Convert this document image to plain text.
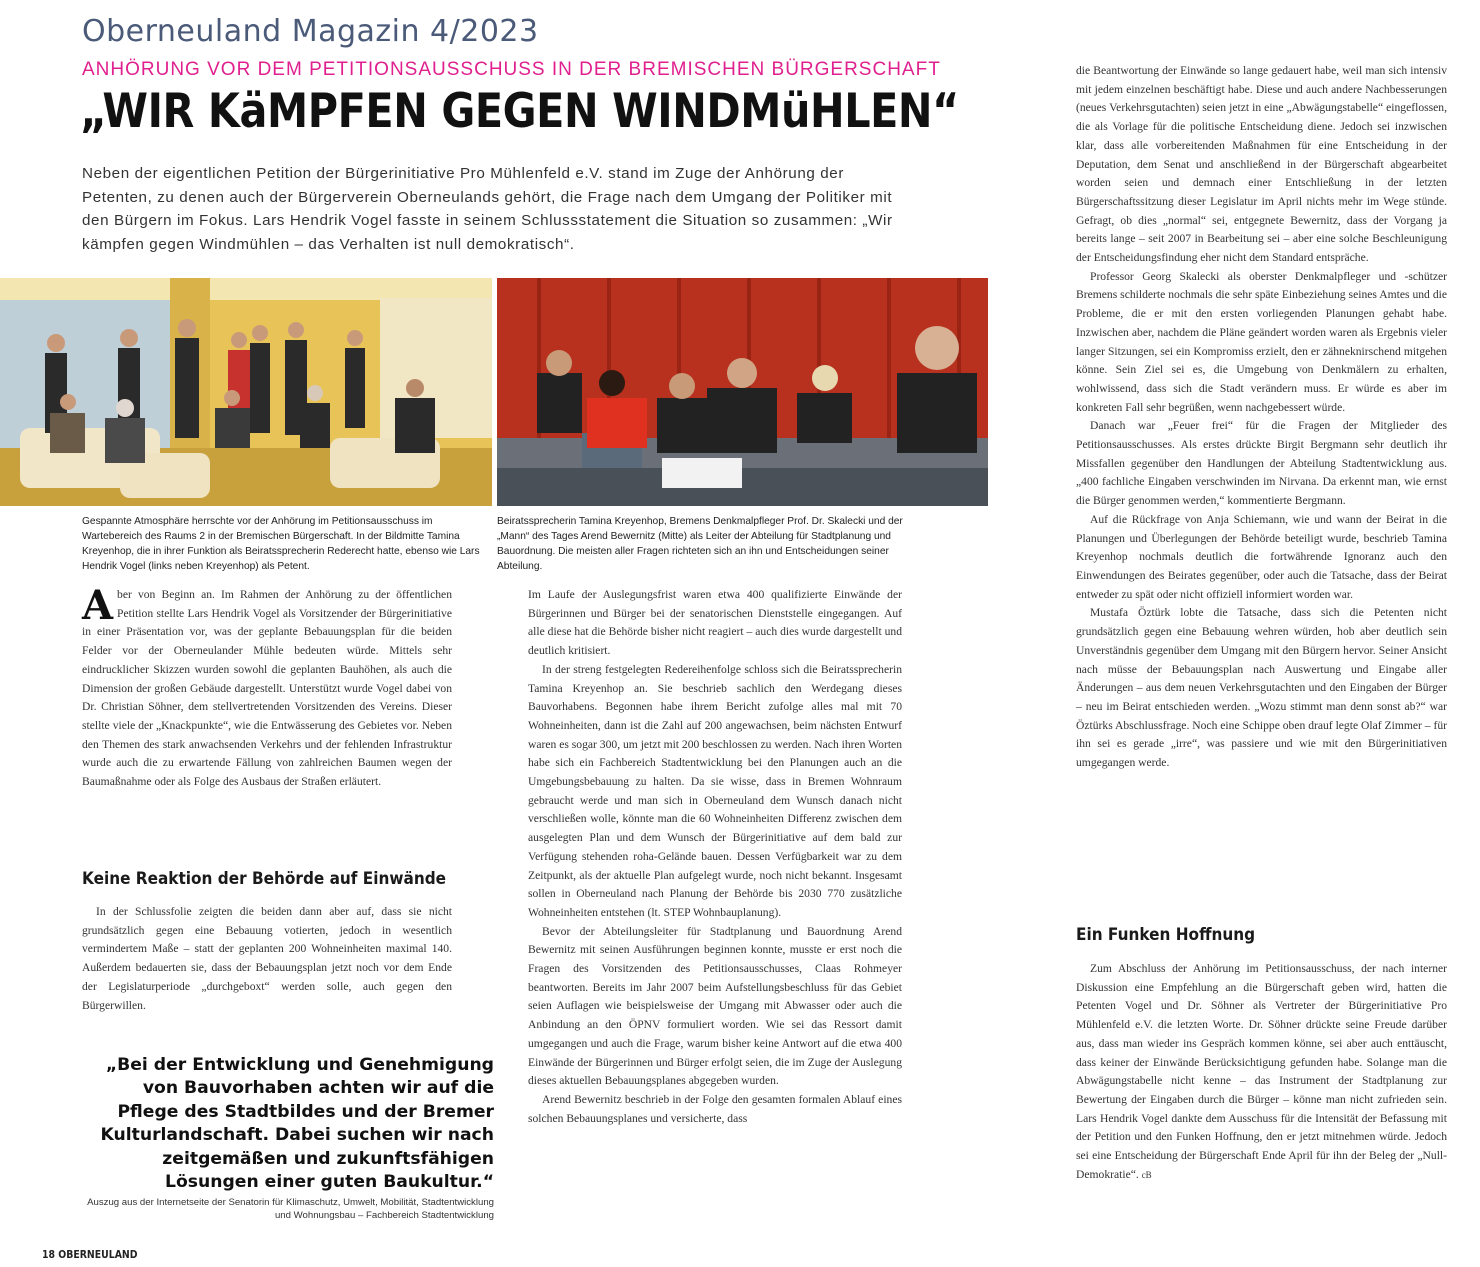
Oberneuland Magazin 4/2023
ANHÖRUNG VOR DEM PETITIONSAUSSCHUSS IN DER BREMISCHEN BÜRGERSCHAFT
„WIR KäMPFEN GEGEN WINDMüHLEN“

Neben der eigentlichen Petition der Bürgerinitiative Pro Mühlenfeld e.V. stand im Zuge der Anhörung der Petenten, zu denen auch der Bürgerverein Oberneulands gehört, die Frage nach dem Umgang der Politiker mit den Bürgern im Fokus. Lars Hendrik Vogel fasste in seinem Schlussstatement die Situation so zusammen: „Wir kämpfen gegen Windmühlen – das Verhalten ist null demokratisch“.

Gespannte Atmosphäre herrschte vor der Anhörung im Petitionsausschuss im Wartebereich des Raums 2 in der Bremischen Bürgerschaft. In der Bildmitte Tamina Kreyenhop, die in ihrer Funktion als Beiratssprecherin Rederecht hatte, ebenso wie Lars Hendrik Vogel (links neben Kreyenhop) als Petent.
Beiratssprecherin Tamina Kreyenhop, Bremens Denkmalpfleger Prof. Dr. Skalecki und der „Mann“ des Tages Arend Bewernitz (Mitte) als Leiter der Abteilung für Stadtplanung und Bauordnung. Die meisten aller Fragen richteten sich an ihn und Entscheidungen seiner Abteilung.

Aber von Beginn an. Im Rahmen der Anhörung zu der öffentlichen Petition stellte Lars Hendrik Vogel als Vorsitzender der Bürgerinitiative in einer Präsentation vor, was der geplante Bebauungsplan für die beiden Felder vor der Oberneulander Mühle bedeuten würde. Mittels sehr eindrucklicher Skizzen wurden sowohl die geplanten Bauhöhen, als auch die Dimension der großen Gebäude dargestellt. Unterstützt wurde Vogel dabei von Dr. Christian Söhner, dem stellvertretenden Vorsitzenden des Vereins. Dieser stellte viele der „Knackpunkte“, wie die Entwässerung des Gebietes vor. Neben den Themen des stark anwachsenden Verkehrs und der fehlenden Infrastruktur wurde auch die zu erwartende Fällung von zahlreichen Baumen wegen der Baumaßnahme oder als Folge des Ausbaus der Straßen erläutert.

Keine Reaktion der Behörde auf Einwände

In der Schlussfolie zeigten die beiden dann aber auf, dass sie nicht grundsätzlich gegen eine Bebauung votierten, jedoch in wesentlich vermindertem Maße – statt der geplanten 200 Wohneinheiten maximal 140. Außerdem bedauerten sie, dass der Bebauungsplan jetzt noch vor dem Ende der Legislaturperiode „durchgeboxt“ werden solle, auch gegen den Bürgerwillen.

„Bei der Entwicklung und Genehmigung von Bauvorhaben achten wir auf die Pflege des Stadtbildes und der Bremer Kulturlandschaft. Dabei suchen wir nach zeitgemäßen und zukunftsfähigen Lösungen einer guten Baukultur.“
Auszug aus der Internetseite der Senatorin für Klimaschutz, Umwelt, Mobilität, Stadtentwicklung und Wohnungsbau – Fachbereich Stadtentwicklung

Im Laufe der Auslegungsfrist waren etwa 400 qualifizierte Einwände der Bürgerinnen und Bürger bei der senatorischen Dienststelle eingegangen. Auf alle diese hat die Behörde bisher nicht reagiert – auch dies wurde dargestellt und deutlich kritisiert.

In der streng festgelegten Redereihenfolge schloss sich die Beiratssprecherin Tamina Kreyenhop an. Sie beschrieb sachlich den Werdegang dieses Bauvorhabens. Begonnen habe ihrem Bericht zufolge alles mal mit 70 Wohneinheiten, dann ist die Zahl auf 200 angewachsen, beim nächsten Entwurf waren es sogar 300, um jetzt mit 200 beschlossen zu werden. Nach ihren Worten habe sich ein Fachbereich Stadtentwicklung bei den Planungen auch an die Umgebungsbebauung zu halten. Da sie wisse, dass in Bremen Wohnraum gebraucht werde und man sich in Oberneuland dem Wunsch danach nicht verschließen wolle, könnte man die 60 Wohneinheiten Differenz zwischen dem ausgelegten Plan und dem Wunsch der Bürgerinitiative auf dem bald zur Verfügung stehenden roha-Gelände bauen. Dessen Verfügbarkeit war zu dem Zeitpunkt, als der aktuelle Plan aufgelegt wurde, noch nicht bekannt. Insgesamt sollen in Oberneuland nach Planung der Behörde bis 2030 770 zusätzliche Wohneinheiten entstehen (lt. STEP Wohnbauplanung).

Bevor der Abteilungsleiter für Stadtplanung und Bauordnung Arend Bewernitz mit seinen Ausführungen beginnen konnte, musste er erst noch die Fragen des Vorsitzenden des Petitionsausschusses, Claas Rohmeyer beantworten. Bereits im Jahr 2007 beim Aufstellungsbeschluss für das Gebiet seien Auflagen wie beispielsweise der Umgang mit Abwasser oder auch die Anbindung an den ÖPNV formuliert worden. Wie sei das Ressort damit umgegangen und auch die Frage, warum bisher keine Antwort auf die etwa 400 Einwände der Bürgerinnen und Bürger erfolgt seien, die im Zuge der Auslegung dieses aktuellen Bebauungsplanes abgegeben wurden.

Arend Bewernitz beschrieb in der Folge den gesamten formalen Ablauf eines solchen Bebauungsplanes und versicherte, dass

die Beantwortung der Einwände so lange gedauert habe, weil man sich intensiv mit jedem einzelnen beschäftigt habe. Diese und auch andere Nachbesserungen (neues Verkehrsgutachten) seien jetzt in eine „Abwägungstabelle“ eingeflossen, die als Vorlage für die politische Entscheidung diene. Jedoch sei inzwischen klar, dass alle vorbereitenden Maßnahmen für eine Entscheidung in der Deputation, dem Senat und anschließend in der Bürgerschaft abgearbeitet worden seien und demnach einer Entschließung in der letzten Bürgerschaftssitzung dieser Legislatur im April nichts mehr im Wege stünde. Gefragt, ob dies „normal“ sei, entgegnete Bewernitz, dass der Vorgang ja bereits lange – seit 2007 in Bearbeitung sei – aber eine solche Beschleunigung der Entscheidungsfindung eher nicht dem Standard entspräche.

Professor Georg Skalecki als oberster Denkmalpfleger und -schützer Bremens schilderte nochmals die sehr späte Einbeziehung seines Amtes und die Probleme, die er mit den ersten vorliegenden Planungen gehabt habe. Inzwischen aber, nachdem die Pläne geändert worden waren als Ergebnis vieler langer Sitzungen, sei ein Kompromiss erzielt, den er zähneknirschend mitgehen könne. Sein Ziel sei es, die Umgebung von Denkmälern zu erhalten, wohlwissend, dass sich die Stadt verändern muss. Er würde es aber im konkreten Fall sehr begrüßen, wenn nachgebessert würde.

Danach war „Feuer frei“ für die Fragen der Mitglieder des Petitionsausschusses. Als erstes drückte Birgit Bergmann sehr deutlich ihr Missfallen gegenüber den Handlungen der Abteilung Stadtentwicklung aus. „400 fachliche Eingaben verschwinden im Nirvana. Da erkennt man, wie ernst die Bürger genommen werden,“ kommentierte Bergmann.

Auf die Rückfrage von Anja Schiemann, wie und wann der Beirat in die Planungen und Überlegungen der Behörde beteiligt wurde, beschrieb Tamina Kreyenhop nochmals deutlich die fortwährende Ignoranz auch den Einwendungen des Beirates gegenüber, oder auch die Tatsache, dass der Beirat entweder zu spät oder nicht offiziell informiert worden war.

Mustafa Öztürk lobte die Tatsache, dass sich die Petenten nicht grundsätzlich gegen eine Bebauung wehren würden, hob aber deutlich sein Unverständnis gegenüber dem Umgang mit den Bürgern hervor. Seiner Ansicht nach müsse der Bebauungsplan nach Auswertung und Eingabe aller Änderungen – aus dem neuen Verkehrsgutachten und den Eingaben der Bürger – neu im Beirat entschieden werden. „Wozu stimmt man denn sonst ab?“ war Öztürks Abschlussfrage. Noch eine Schippe oben drauf legte Olaf Zimmer – für ihn sei es gerade „irre“, was passiere und wie mit den Bürgerinitiativen umgegangen werde.

Ein Funken Hoffnung

Zum Abschluss der Anhörung im Petitionsausschuss, der nach interner Diskussion eine Empfehlung an die Bürgerschaft geben wird, hatten die Petenten Vogel und Dr. Söhner als Vertreter der Bürgerinitiative Pro Mühlenfeld e.V. die letzten Worte. Dr. Söhner drückte seine Freude darüber aus, dass man wieder ins Gespräch kommen könne, sei aber auch enttäuscht, dass keiner der Einwände Berücksichtigung gefunden habe. Solange man die Abwägungstabelle nicht kenne – das Instrument der Stadtplanung zur Bewertung der Eingaben durch die Bürger – könne man nicht zufrieden sein. Lars Hendrik Vogel dankte dem Ausschuss für die Intensität der Befassung mit der Petition und den Funken Hoffnung, den er jetzt mitnehmen würde. Jedoch sei eine Entscheidung der Bürgerschaft Ende April für ihn der Beleg der „Null-Demokratie“. cB

18 OBERNEULAND
